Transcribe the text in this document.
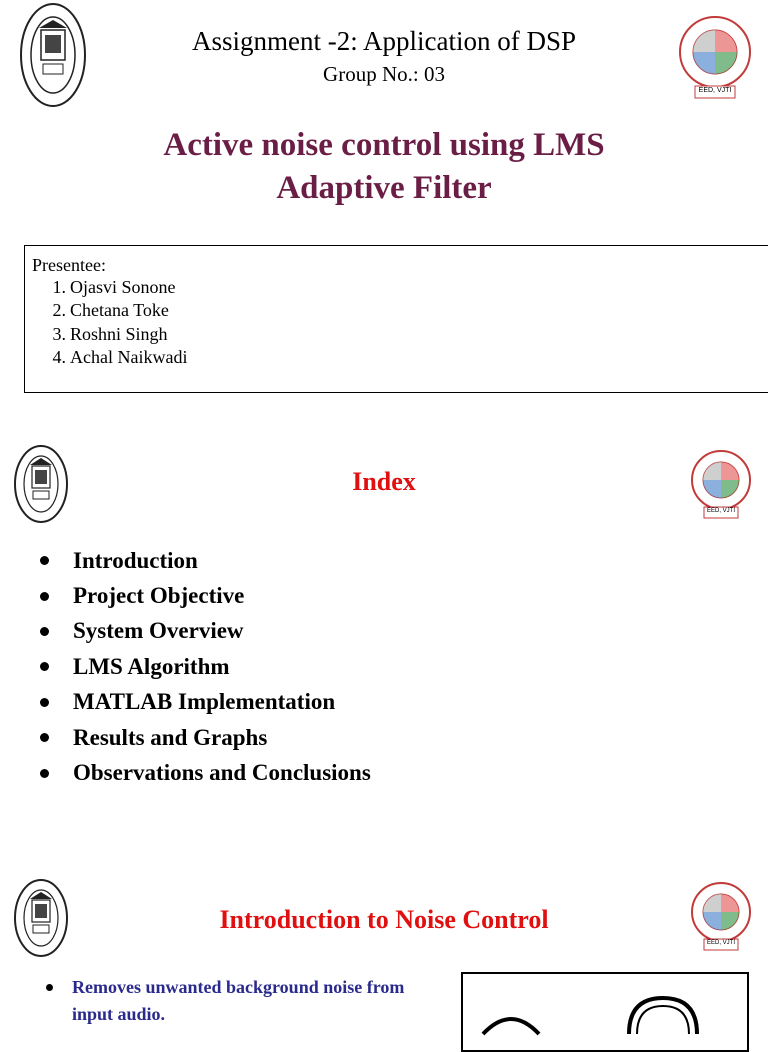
EED, VJTI
Assignment -2: Application of DSP
Group No.: 03
Active noise control using LMS
Adaptive Filter
Presentee:
1. Ojasvi Sonone
2. Chetana Toke
3. Roshni Singh
4. Achal Naikwadi
EED, VJTI
Index
Introduction
Project Objective
System Overview
LMS Algorithm
MATLAB Implementation
Results and Graphs
Observations and Conclusions
EED, VJTI
Introduction to Noise Control
Removes unwanted background noise from input audio.
